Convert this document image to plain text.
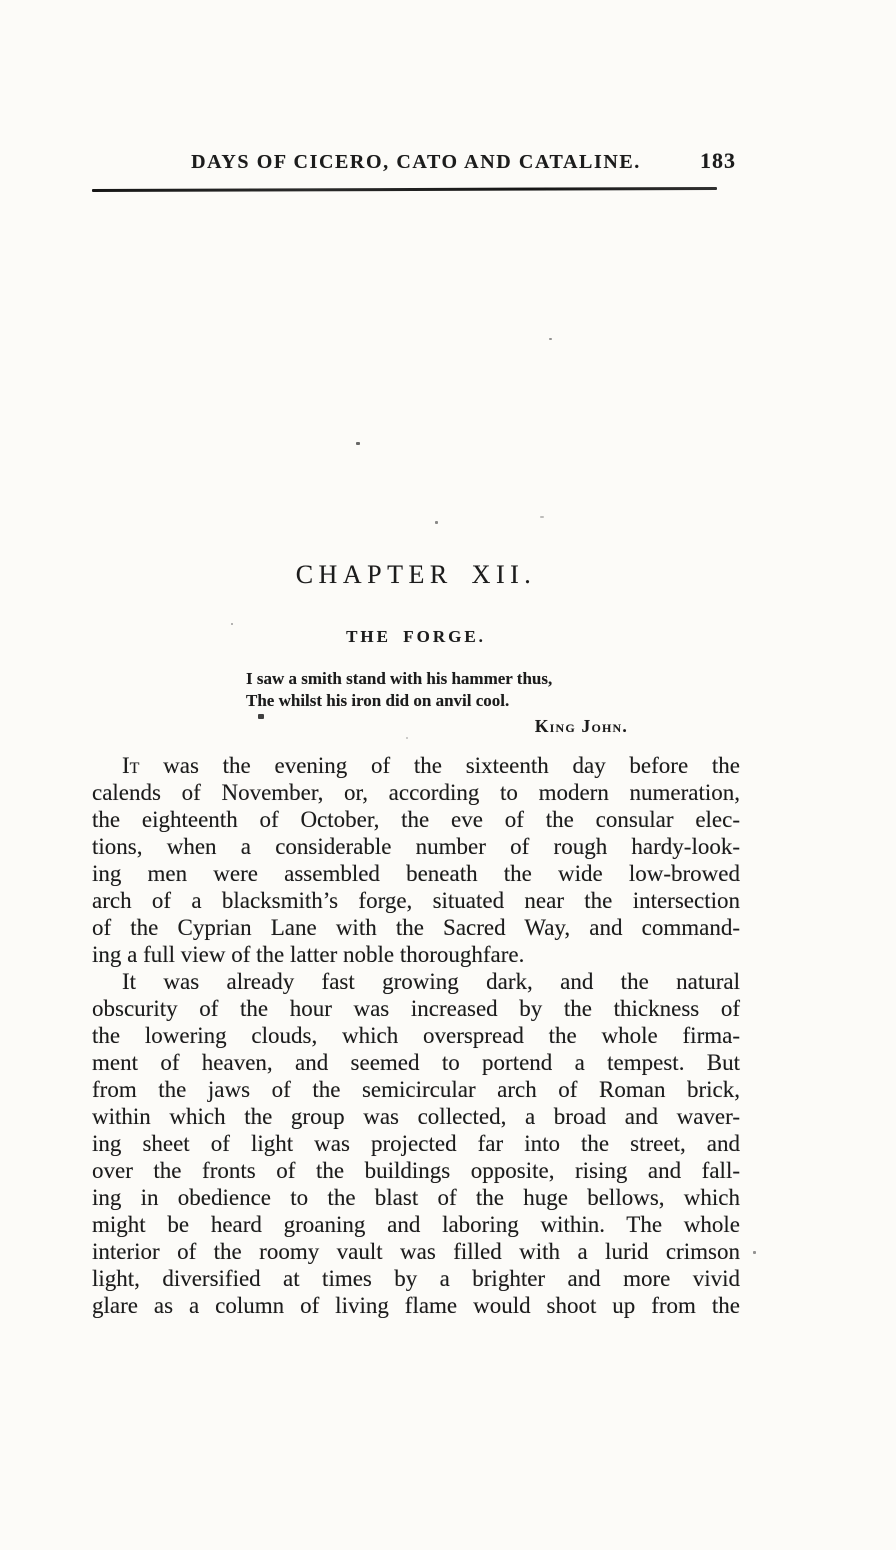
DAYS OF CICERO, CATO AND CATALINE.	183
CHAPTER XII.
THE FORGE.
I saw a smith stand with his hammer thus,
The whilst his iron did on anvil cool.
King John.
It was the evening of the sixteenth day before the
calends of November, or, according to modern numeration,
the eighteenth of October, the eve of the consular elec-
tions, when a considerable number of rough hardy-look-
ing men were assembled beneath the wide low-browed
arch of a blacksmith’s forge, situated near the intersection
of the Cyprian Lane with the Sacred Way, and command-
ing a full view of the latter noble thoroughfare.
It was already fast growing dark, and the natural
obscurity of the hour was increased by the thickness of
the lowering clouds, which overspread the whole firma-
ment of heaven, and seemed to portend a tempest. But
from the jaws of the semicircular arch of Roman brick,
within which the group was collected, a broad and waver-
ing sheet of light was projected far into the street, and
over the fronts of the buildings opposite, rising and fall-
ing in obedience to the blast of the huge bellows, which
might be heard groaning and laboring within. The whole
interior of the roomy vault was filled with a lurid crimson
light, diversified at times by a brighter and more vivid
glare as a column of living flame would shoot up from the
